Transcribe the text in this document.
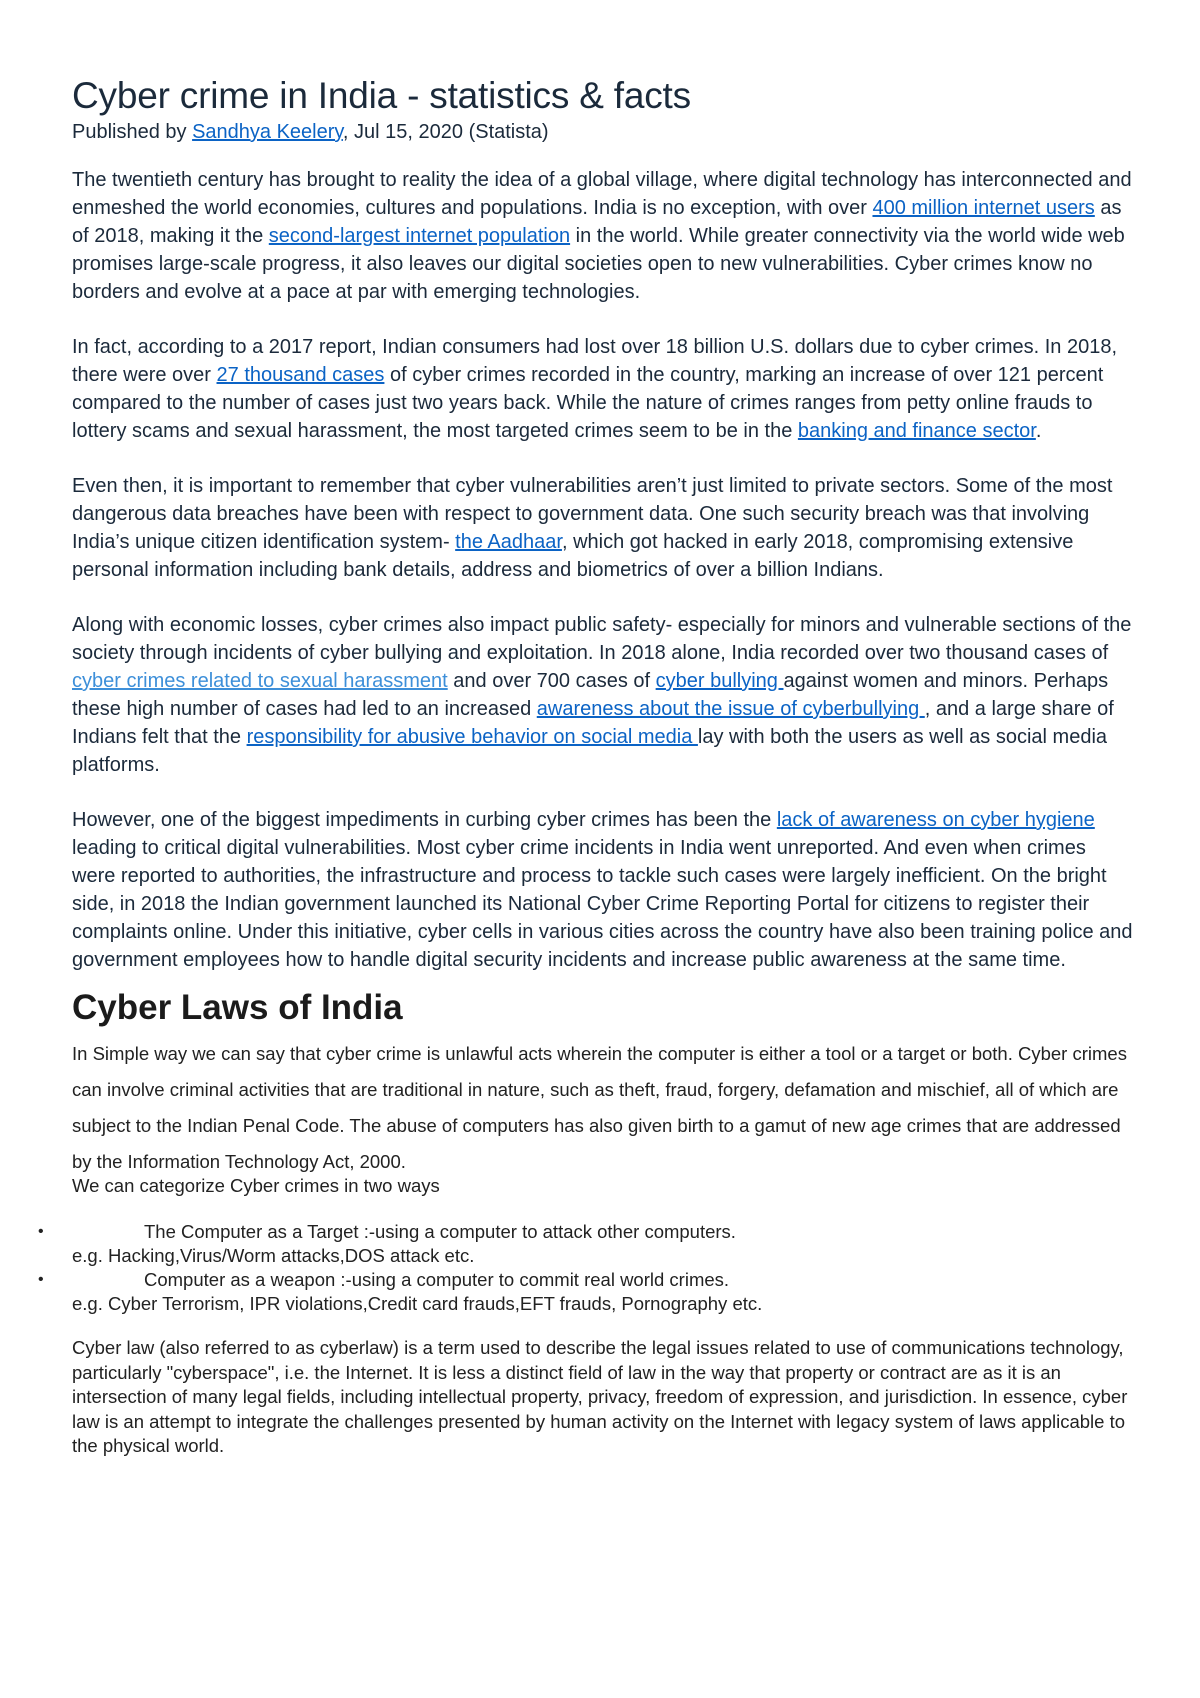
Cyber crime in India - statistics & facts

Published by Sandhya Keelery, Jul 15, 2020 (Statista)

The twentieth century has brought to reality the idea of a global village, where digital technology has interconnected and enmeshed the world economies, cultures and populations. India is no exception, with over 400 million internet users as of 2018, making it the second-largest internet population in the world. While greater connectivity via the world wide web promises large-scale progress, it also leaves our digital societies open to new vulnerabilities. Cyber crimes know no borders and evolve at a pace at par with emerging technologies.

In fact, according to a 2017 report, Indian consumers had lost over 18 billion U.S. dollars due to cyber crimes. In 2018, there were over 27 thousand cases of cyber crimes recorded in the country, marking an increase of over 121 percent compared to the number of cases just two years back. While the nature of crimes ranges from petty online frauds to lottery scams and sexual harassment, the most targeted crimes seem to be in the banking and finance sector.

Even then, it is important to remember that cyber vulnerabilities aren’t just limited to private sectors. Some of the most dangerous data breaches have been with respect to government data. One such security breach was that involving India’s unique citizen identification system- the Aadhaar, which got hacked in early 2018, compromising extensive personal information including bank details, address and biometrics of over a billion Indians.

Along with economic losses, cyber crimes also impact public safety- especially for minors and vulnerable sections of the society through incidents of cyber bullying and exploitation. In 2018 alone, India recorded over two thousand cases of cyber crimes related to sexual harassment and over 700 cases of cyber bullying against women and minors. Perhaps these high number of cases had led to an increased awareness about the issue of cyberbullying , and a large share of Indians felt that the responsibility for abusive behavior on social media lay with both the users as well as social media platforms.

However, one of the biggest impediments in curbing cyber crimes has been the lack of awareness on cyber hygiene leading to critical digital vulnerabilities. Most cyber crime incidents in India went unreported. And even when crimes were reported to authorities, the infrastructure and process to tackle such cases were largely inefficient. On the bright side, in 2018 the Indian government launched its National Cyber Crime Reporting Portal for citizens to register their complaints online. Under this initiative, cyber cells in various cities across the country have also been training police and government employees how to handle digital security incidents and increase public awareness at the same time.

Cyber Laws of India

In Simple way we can say that cyber crime is unlawful acts wherein the computer is either a tool or a target or both. Cyber crimes can involve criminal activities that are traditional in nature, such as theft, fraud, forgery, defamation and mischief, all of which are subject to the Indian Penal Code. The abuse of computers has also given birth to a gamut of new age crimes that are addressed by the Information Technology Act, 2000.

We can categorize Cyber crimes in two ways

•	The Computer as a Target :-using a computer to attack other computers.
e.g. Hacking,Virus/Worm attacks,DOS attack etc.
•	Computer as a weapon :-using a computer to commit real world crimes.
e.g. Cyber Terrorism, IPR violations,Credit card frauds,EFT frauds, Pornography etc.

Cyber law (also referred to as cyberlaw) is a term used to describe the legal issues related to use of communications technology, particularly "cyberspace", i.e. the Internet. It is less a distinct field of law in the way that property or contract are as it is an intersection of many legal fields, including intellectual property, privacy, freedom of expression, and jurisdiction. In essence, cyber law is an attempt to integrate the challenges presented by human activity on the Internet with legacy system of laws applicable to the physical world.
